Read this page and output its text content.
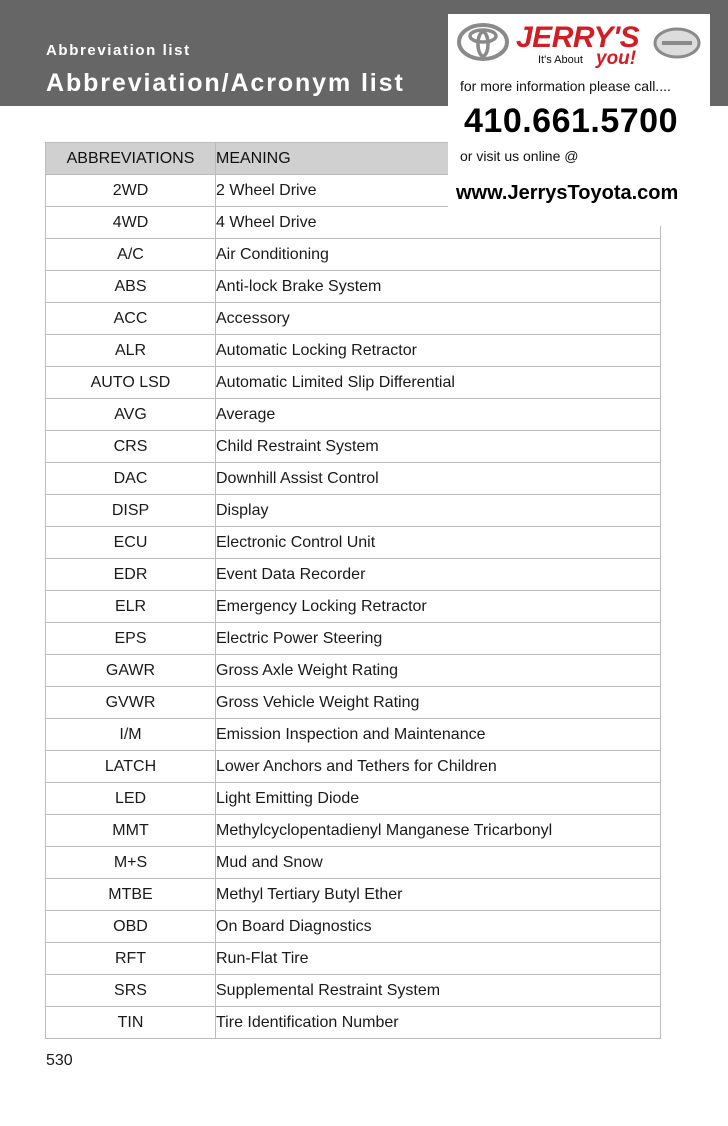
Abbreviation list
Abbreviation/Acronym list
JERRY'S
It's About you!
for more information please call....
410.661.5700
or visit us online @
www.JerrysToyota.com
ABBREVIATIONS	MEANING
2WD	2 Wheel Drive
4WD	4 Wheel Drive
A/C	Air Conditioning
ABS	Anti-lock Brake System
ACC	Accessory
ALR	Automatic Locking Retractor
AUTO LSD	Automatic Limited Slip Differential
AVG	Average
CRS	Child Restraint System
DAC	Downhill Assist Control
DISP	Display
ECU	Electronic Control Unit
EDR	Event Data Recorder
ELR	Emergency Locking Retractor
EPS	Electric Power Steering
GAWR	Gross Axle Weight Rating
GVWR	Gross Vehicle Weight Rating
I/M	Emission Inspection and Maintenance
LATCH	Lower Anchors and Tethers for Children
LED	Light Emitting Diode
MMT	Methylcyclopentadienyl Manganese Tricarbonyl
M+S	Mud and Snow
MTBE	Methyl Tertiary Butyl Ether
OBD	On Board Diagnostics
RFT	Run-Flat Tire
SRS	Supplemental Restraint System
TIN	Tire Identification Number
530
